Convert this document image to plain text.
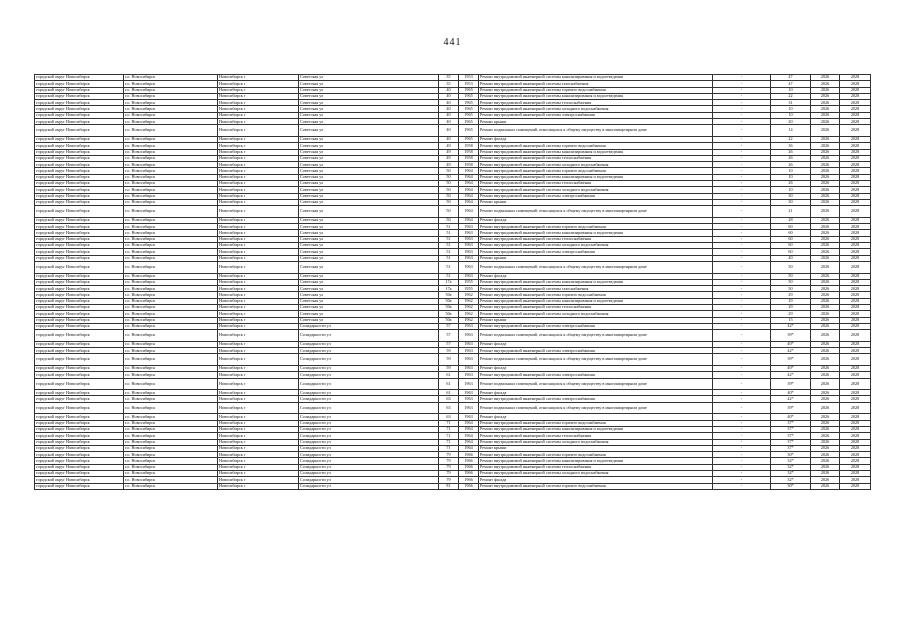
441
городской округ Новосибирск	г.о. Новосибирск	Новосибирск г	Советская ул	35	1953	Ремонт внутридомовой инженерной системы канализирования и водоотведения	-	47	2026	2028
городской округ Новосибирск	г.о. Новосибирск	Новосибирск г	Советская ул	35	1953	Ремонт внутридомовой инженерной системы газоснабжения	-	47	2026	2028
городской округ Новосибирск	г.о. Новосибирск	Новосибирск г	Советская ул	40	1965	Ремонт внутридомовой инженерной системы горячего водоснабжения	-	10	2026	2028
городской округ Новосибирск	г.о. Новосибирск	Новосибирск г	Советская ул	40	1965	Ремонт внутридомовой инженерной системы канализирования и водоотведения	-	22	2026	2028
городской округ Новосибирск	г.о. Новосибирск	Новосибирск г	Советская ул	40	1965	Ремонт внутридомовой инженерной системы теплоснабжения	-	31	2026	2028
городской округ Новосибирск	г.о. Новосибирск	Новосибирск г	Советская ул	40	1965	Ремонт внутридомовой инженерной системы холодного водоснабжения	-	10	2026	2028
городской округ Новосибирск	г.о. Новосибирск	Новосибирск г	Советская ул	40	1965	Ремонт внутридомовой инженерной системы электроснабжения	-	10	2026	2028
городской округ Новосибирск	г.о. Новосибирск	Новосибирск г	Советская ул	40	1965	Ремонт крыши	-	20	2026	2028
городской округ Новосибирск	г.о. Новосибирск	Новосибирск г	Советская ул	40	1965	Ремонт подвальных помещений, относящихся к общему имуществу в многоквартирном доме	-	14	2026	2028
городской округ Новосибирск	г.о. Новосибирск	Новосибирск г	Советская ул	40	1965	Ремонт фасада	-	22	2026	2028
городской округ Новосибирск	г.о. Новосибирск	Новосибирск г	Советская ул	49	1958	Ремонт внутридомовой инженерной системы горячего водоснабжения	-	36	2026	2028
городской округ Новосибирск	г.о. Новосибирск	Новосибирск г	Советская ул	49	1958	Ремонт внутридомовой инженерной системы канализирования и водоотведения	-	26	2026	2028
городской округ Новосибирск	г.о. Новосибирск	Новосибирск г	Советская ул	49	1958	Ремонт внутридомовой инженерной системы теплоснабжения	-	26	2026	2028
городской округ Новосибирск	г.о. Новосибирск	Новосибирск г	Советская ул	49	1958	Ремонт внутридомовой инженерной системы холодного водоснабжения	-	26	2026	2028
городской округ Новосибирск	г.о. Новосибирск	Новосибирск г	Советская ул	50	1964	Ремонт внутридомовой инженерной системы горячего водоснабжения	-	10	2026	2028
городской округ Новосибирск	г.о. Новосибирск	Новосибирск г	Советская ул	50	1964	Ремонт внутридомовой инженерной системы канализирования и водоотведения	-	10	2026	2028
городской округ Новосибирск	г.о. Новосибирск	Новосибирск г	Советская ул	50	1964	Ремонт внутридомовой инженерной системы теплоснабжения	-	26	2026	2028
городской округ Новосибирск	г.о. Новосибирск	Новосибирск г	Советская ул	50	1964	Ремонт внутридомовой инженерной системы холодного водоснабжения	-	10	2026	2028
городской округ Новосибирск	г.о. Новосибирск	Новосибирск г	Советская ул	50	1964	Ремонт внутридомовой инженерной системы электроснабжения	-	30	2026	2028
городской округ Новосибирск	г.о. Новосибирск	Новосибирск г	Советская ул	50	1964	Ремонт крыши	-	30	2026	2028
городской округ Новосибирск	г.о. Новосибирск	Новосибирск г	Советская ул	50	1964	Ремонт подвальных помещений, относящихся к общему имуществу в многоквартирном доме	-	21	2026	2028
городской округ Новосибирск	г.о. Новосибирск	Новосибирск г	Советская ул	50	1964	Ремонт фасада	-	28	2026	2028
городской округ Новосибирск	г.о. Новосибирск	Новосибирск г	Советская ул	51	1963	Ремонт внутридомовой инженерной системы горячего водоснабжения	-	60	2026	2028
городской округ Новосибирск	г.о. Новосибирск	Новосибирск г	Советская ул	51	1963	Ремонт внутридомовой инженерной системы канализирования и водоотведения	-	60	2026	2028
городской округ Новосибирск	г.о. Новосибирск	Новосибирск г	Советская ул	51	1963	Ремонт внутридомовой инженерной системы теплоснабжения	-	60	2026	2028
городской округ Новосибирск	г.о. Новосибирск	Новосибирск г	Советская ул	51	1963	Ремонт внутридомовой инженерной системы холодного водоснабжения	-	60	2026	2028
городской округ Новосибирск	г.о. Новосибирск	Новосибирск г	Советская ул	51	1963	Ремонт внутридомовой инженерной системы электроснабжения	-	60	2026	2028
городской округ Новосибирск	г.о. Новосибирск	Новосибирск г	Советская ул	51	1963	Ремонт крыши	-	40	2026	2028
городской округ Новосибирск	г.о. Новосибирск	Новосибирск г	Советская ул	51	1963	Ремонт подвальных помещений, относящихся к общему имуществу в многоквартирном доме	-	50	2026	2028
городской округ Новосибирск	г.о. Новосибирск	Новосибирск г	Советская ул	51	1963	Ремонт фасада	-	50	2026	2028
городской округ Новосибирск	г.о. Новосибирск	Новосибирск г	Советская ул	17а	1955	Ремонт внутридомовой инженерной системы канализирования и водоотведения	-	50	2026	2028
городской округ Новосибирск	г.о. Новосибирск	Новосибирск г	Советская ул	17а	1955	Ремонт внутридомовой инженерной системы газоснабжения	-	50	2026	2028
городской округ Новосибирск	г.о. Новосибирск	Новосибирск г	Советская ул	50а	1962	Ремонт внутридомовой инженерной системы горячего водоснабжения	-	29	2026	2028
городской округ Новосибирск	г.о. Новосибирск	Новосибирск г	Советская ул	50а	1962	Ремонт внутридомовой инженерной системы канализирования и водоотведения	-	29	2026	2028
городской округ Новосибирск	г.о. Новосибирск	Новосибирск г	Советская ул	50а	1962	Ремонт внутридомовой инженерной системы теплоснабжения	-	29	2026	2028
городской округ Новосибирск	г.о. Новосибирск	Новосибирск г	Советская ул	50а	1962	Ремонт внутридомовой инженерной системы холодного водоснабжения	-	29	2026	2028
городской округ Новосибирск	г.о. Новосибирск	Новосибирск г	Советская ул	50а	1962	Ремонт крыши	-	15	2026	2028
городской округ Новосибирск	г.о. Новосибирск	Новосибирск г	Солидарности ул	57	1963	Ремонт внутридомовой инженерной системы электроснабжения	-	42*	2026	2028
городской округ Новосибирск	г.о. Новосибирск	Новосибирск г	Солидарности ул	57	1963	Ремонт подвальных помещений, относящихся к общему имуществу в многоквартирном доме	-	39*	2026	2028
городской округ Новосибирск	г.о. Новосибирск	Новосибирск г	Солидарности ул	57	1963	Ремонт фасада	-	40*	2026	2028
городской округ Новосибирск	г.о. Новосибирск	Новосибирск г	Солидарности ул	59	1963	Ремонт внутридомовой инженерной системы электроснабжения	-	42*	2026	2028
городской округ Новосибирск	г.о. Новосибирск	Новосибирск г	Солидарности ул	59	1963	Ремонт подвальных помещений, относящихся к общему имуществу в многоквартирном доме	-	39*	2026	2028
городской округ Новосибирск	г.о. Новосибирск	Новосибирск г	Солидарности ул	59	1963	Ремонт фасада	-	40*	2026	2028
городской округ Новосибирск	г.о. Новосибирск	Новосибирск г	Солидарности ул	61	1963	Ремонт внутридомовой инженерной системы электроснабжения	-	42*	2026	2028
городской округ Новосибирск	г.о. Новосибирск	Новосибирск г	Солидарности ул	61	1963	Ремонт подвальных помещений, относящихся к общему имуществу в многоквартирном доме	-	39*	2026	2028
городской округ Новосибирск	г.о. Новосибирск	Новосибирск г	Солидарности ул	61	1963	Ремонт фасада	-	40*	2026	2028
городской округ Новосибирск	г.о. Новосибирск	Новосибирск г	Солидарности ул	63	1963	Ремонт внутридомовой инженерной системы электроснабжения	-	42*	2026	2028
городской округ Новосибирск	г.о. Новосибирск	Новосибирск г	Солидарности ул	63	1963	Ремонт подвальных помещений, относящихся к общему имуществу в многоквартирном доме	-	39*	2026	2028
городской округ Новосибирск	г.о. Новосибирск	Новосибирск г	Солидарности ул	63	1963	Ремонт фасада	-	40*	2026	2028
городской округ Новосибирск	г.о. Новосибирск	Новосибирск г	Солидарности ул	71	1964	Ремонт внутридомовой инженерной системы горячего водоснабжения	-	37*	2026	2028
городской округ Новосибирск	г.о. Новосибирск	Новосибирск г	Солидарности ул	71	1964	Ремонт внутридомовой инженерной системы канализирования и водоотведения	-	37*	2026	2028
городской округ Новосибирск	г.о. Новосибирск	Новосибирск г	Солидарности ул	71	1964	Ремонт внутридомовой инженерной системы теплоснабжения	-	37*	2026	2028
городской округ Новосибирск	г.о. Новосибирск	Новосибирск г	Солидарности ул	71	1964	Ремонт внутридомовой инженерной системы холодного водоснабжения	-	37*	2026	2028
городской округ Новосибирск	г.о. Новосибирск	Новосибирск г	Солидарности ул	71	1964	Ремонт крыши	-	37*	2026	2028
городской округ Новосибирск	г.о. Новосибирск	Новосибирск г	Солидарности ул	79	1966	Ремонт внутридомовой инженерной системы горячего водоснабжения	-	30*	2026	2028
городской округ Новосибирск	г.о. Новосибирск	Новосибирск г	Солидарности ул	79	1966	Ремонт внутридомовой инженерной системы канализирования и водоотведения	-	32*	2026	2028
городской округ Новосибирск	г.о. Новосибирск	Новосибирск г	Солидарности ул	79	1966	Ремонт внутридомовой инженерной системы теплоснабжения	-	32*	2026	2028
городской округ Новосибирск	г.о. Новосибирск	Новосибирск г	Солидарности ул	79	1966	Ремонт внутридомовой инженерной системы холодного водоснабжения	-	32*	2026	2028
городской округ Новосибирск	г.о. Новосибирск	Новосибирск г	Солидарности ул	79	1966	Ремонт фасада	-	32*	2026	2028
городской округ Новосибирск	г.о. Новосибирск	Новосибирск г	Солидарности ул	81	1966	Ремонт внутридомовой инженерной системы горячего водоснабжения	-	30*	2026	2028
